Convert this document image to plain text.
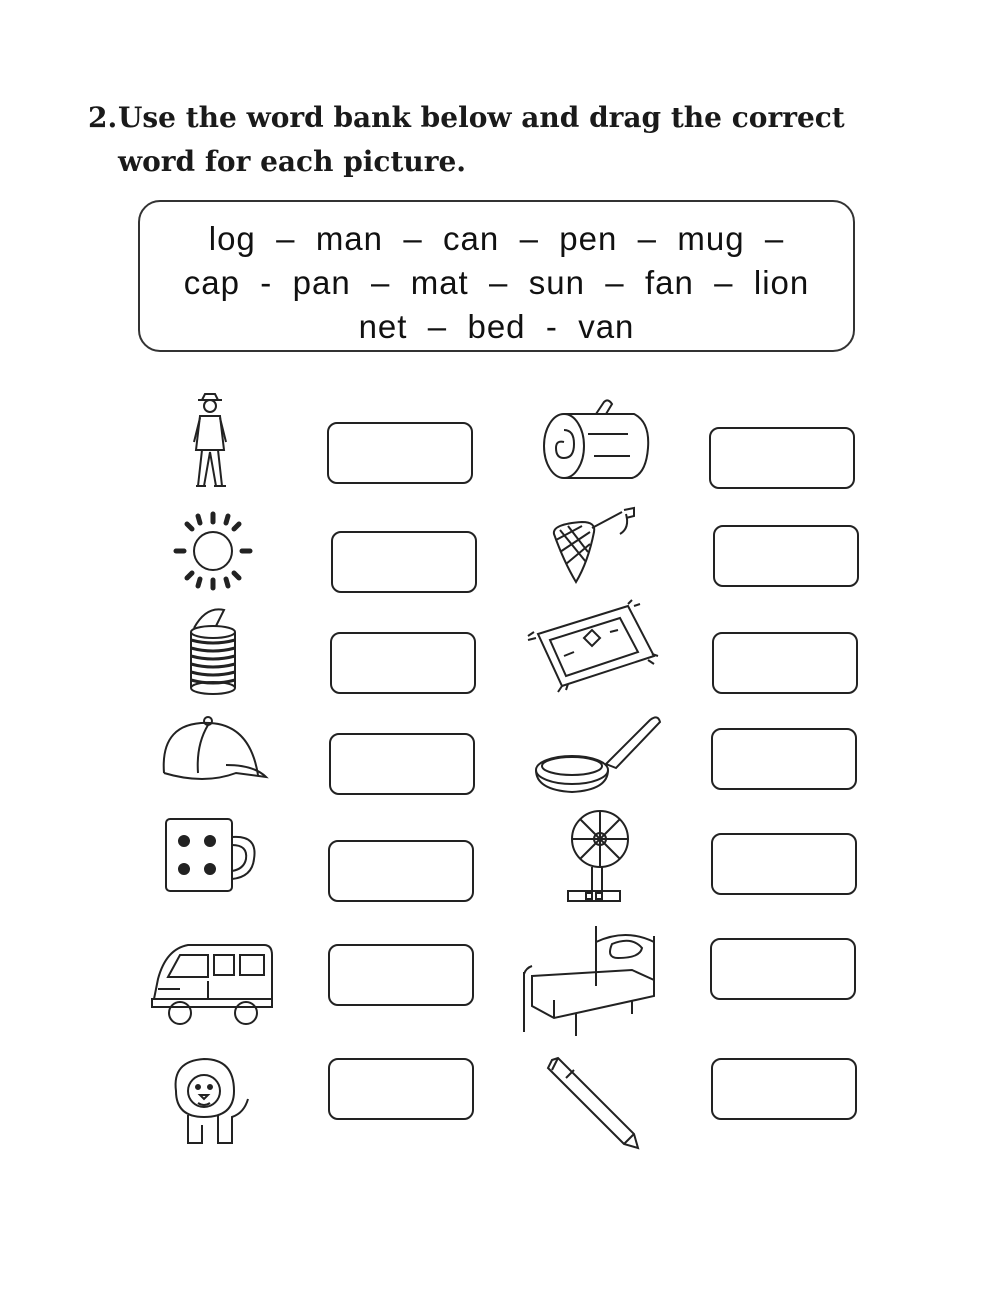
2. Use the word bank below and drag the correct
word for each picture.
log  –  man  –  can  –  pen  –  mug  –
cap  -  pan  –  mat  –  sun  –  fan  –  lion
net  –  bed  -  van
